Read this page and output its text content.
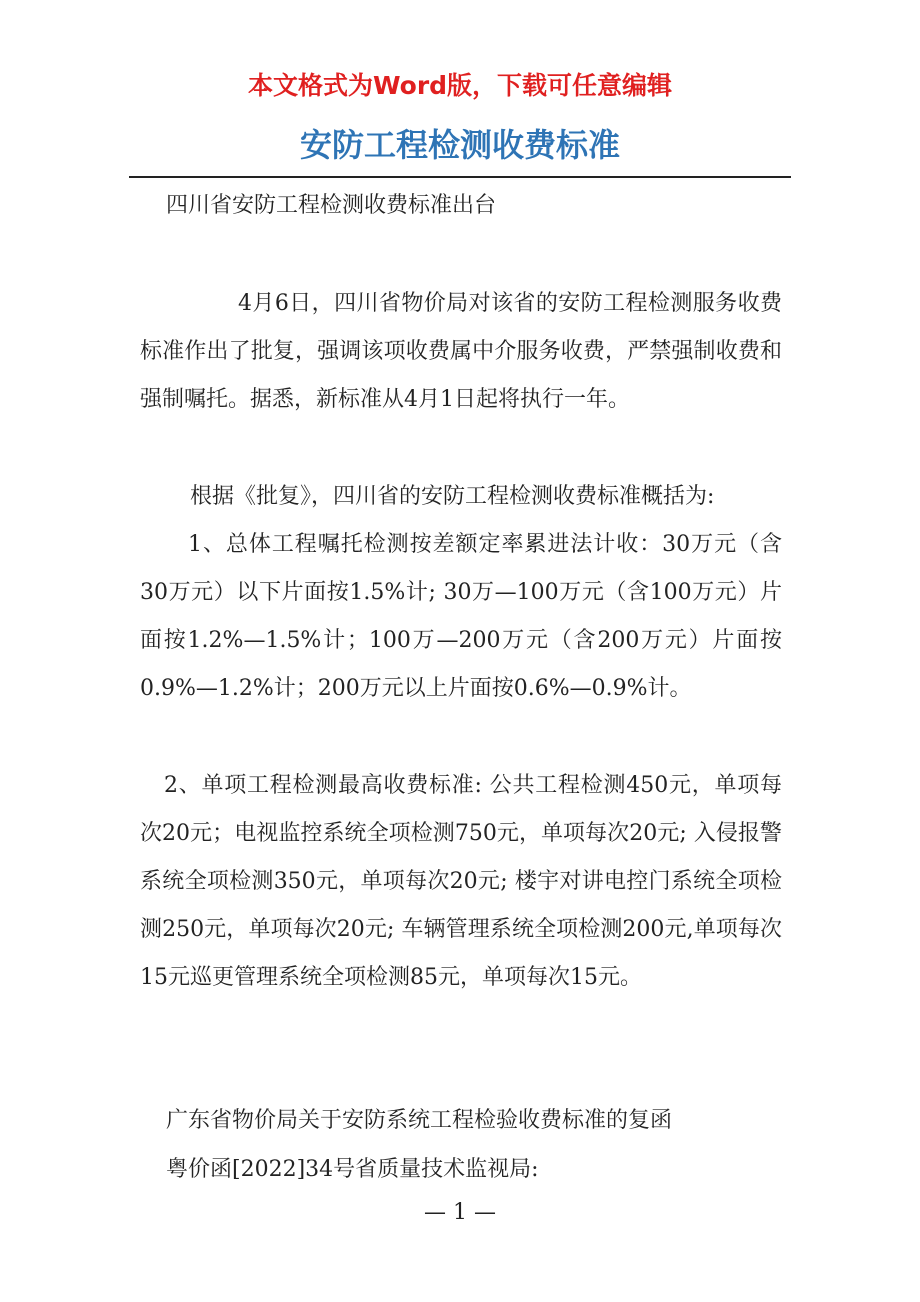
本文格式为Word版，下载可任意编辑
安防工程检测收费标准

四川省安防工程检测收费标准出台

4月6日，四川省物价局对该省的安防工程检测服务收费标准作出了批复，强调该项收费属中介服务收费，严禁强制收费和强制嘱托。据悉，新标准从4月1日起将执行一年。

根据《批复》，四川省的安防工程检测收费标准概括为:

1、总体工程嘱托检测按差额定率累进法计收：30万元（含30万元）以下片面按1.5%计; 30万—100万元（含100万元）片面按1.2%—1.5%计；100万—200万元（含200万元）片面按0.9%—1.2%计；200万元以上片面按0.6%—0.9%计。

2、单项工程检测最高收费标准: 公共工程检测450元，单项每次20元；电视监控系统全项检测750元，单项每次20元; 入侵报警系统全项检测350元，单项每次20元; 楼宇对讲电控门系统全项检测250元，单项每次20元; 车辆管理系统全项检测200元,单项每次15元巡更管理系统全项检测85元，单项每次15元。

广东省物价局关于安防系统工程检验收费标准的复函

粤价函[2022]34号省质量技术监视局:

— 1 —
